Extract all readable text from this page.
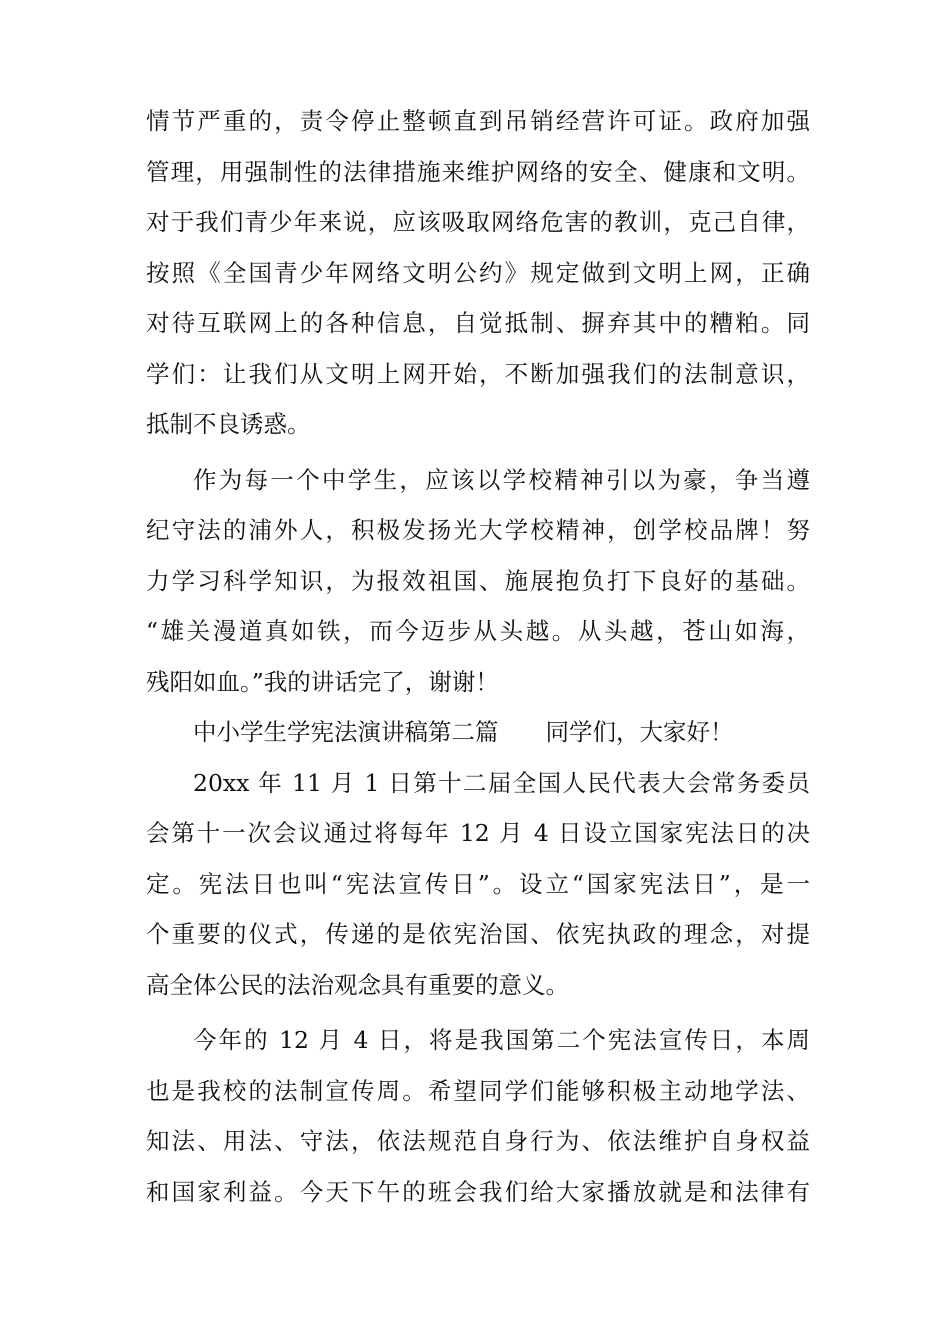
情节严重的，责令停止整顿直到吊销经营许可证。政府加强
管理，用强制性的法律措施来维护网络的安全、健康和文明。
对于我们青少年来说，应该吸取网络危害的教训，克己自律，
按照《全国青少年网络文明公约》规定做到文明上网，正确
对待互联网上的各种信息，自觉抵制、摒弃其中的糟粕。同
学们：让我们从文明上网开始，不断加强我们的法制意识，
抵制不良诱惑。
作为每一个中学生，应该以学校精神引以为豪，争当遵
纪守法的浦外人，积极发扬光大学校精神，创学校品牌！努
力学习科学知识，为报效祖国、施展抱负打下良好的基础。
“雄关漫道真如铁，而今迈步从头越。从头越，苍山如海，
残阳如血。”我的讲话完了，谢谢！
中小学生学宪法演讲稿第二篇　　同学们，大家好！
20xx 年 11 月 1 日第十二届全国人民代表大会常务委员
会第十一次会议通过将每年 12 月 4 日设立国家宪法日的决
定。宪法日也叫“宪法宣传日”。设立“国家宪法日”，是一
个重要的仪式，传递的是依宪治国、依宪执政的理念，对提
高全体公民的法治观念具有重要的意义。
今年的 12 月 4 日，将是我国第二个宪法宣传日，本周
也是我校的法制宣传周。希望同学们能够积极主动地学法、
知法、用法、守法，依法规范自身行为、依法维护自身权益
和国家利益。今天下午的班会我们给大家播放就是和法律有
